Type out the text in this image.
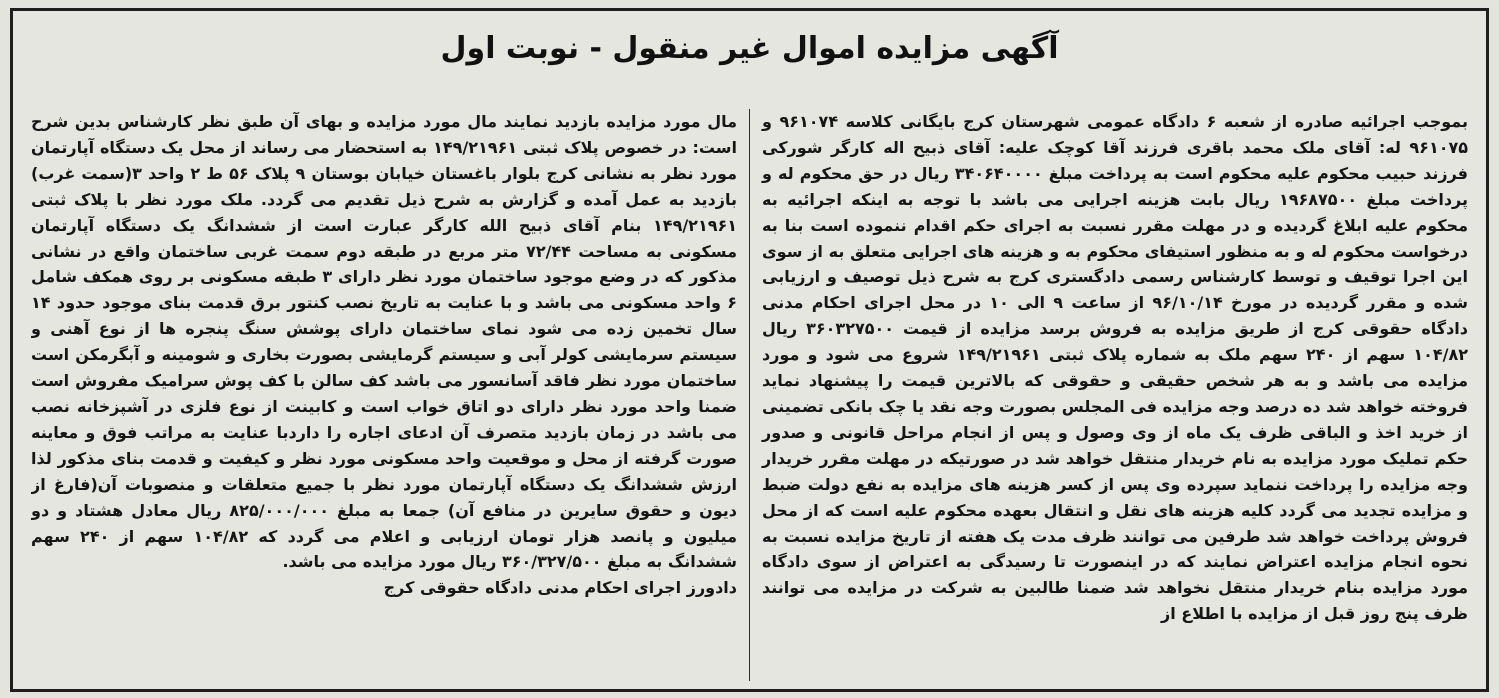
آگهی مزایده اموال غیر منقول - نوبت اول

بموجب اجرائیه صادره از شعبه ۶ دادگاه عمومی شهرستان کرج بایگانی کلاسه ۹۶۱۰۷۴ و ۹۶۱۰۷۵ له: آقای ملک محمد باقری فرزند آقا کوچک علیه: آقای ذبیح اله کارگر شورکی فرزند حبیب محکوم علیه محکوم است به پرداخت مبلغ ۳۴۰۶۴۰۰۰۰ ریال در حق محکوم له و پرداخت مبلغ ۱۹۶۸۷۵۰۰ ریال بابت هزینه اجرایی می باشد با توجه به اینکه اجرائیه به محکوم علیه ابلاغ گردیده و در مهلت مقرر نسبت به اجرای حکم اقدام ننموده است بنا به درخواست محکوم له و به منظور استیفای محکوم به و هزینه های اجرایی متعلق به از سوی این اجرا توقیف و توسط کارشناس رسمی دادگستری کرج به شرح ذیل توصیف و ارزیابی شده و مقرر گردیده در مورخ ۹۶/۱۰/۱۴ از ساعت ۹ الی ۱۰ در محل اجرای احکام مدنی دادگاه حقوقی کرج از طریق مزایده به فروش برسد مزایده از قیمت ۳۶۰۳۲۷۵۰۰ ریال ۱۰۴/۸۲ سهم از ۲۴۰ سهم ملک به شماره پلاک ثبتی ۱۴۹/۲۱۹۶۱ شروع می شود و مورد مزایده می باشد و به هر شخص حقیقی و حقوقی که بالاترین قیمت را پیشنهاد نماید فروخته خواهد شد ده درصد وجه مزایده فی المجلس بصورت وجه نقد یا چک بانکی تضمینی از خرید اخذ و الباقی ظرف یک ماه از وی وصول و پس از انجام مراحل قانونی و صدور حکم تملیک مورد مزایده به نام خریدار منتقل خواهد شد در صورتیکه در مهلت مقرر خریدار وجه مزایده را پرداخت ننماید سپرده وی پس از کسر هزینه های مزایده به نفع دولت ضبط و مزایده تجدید می گردد کلیه هزینه های نقل و انتقال بعهده محکوم علیه است که از محل فروش پرداخت خواهد شد طرفین می توانند ظرف مدت یک هفته از تاریخ مزایده نسبت به نحوه انجام مزایده اعتراض نمایند که در اینصورت تا رسیدگی به اعتراض از سوی دادگاه مورد مزایده بنام خریدار منتقل نخواهد شد ضمنا طالبین به شرکت در مزایده می توانند ظرف پنج روز قبل از مزایده با اطلاع از

مال مورد مزایده بازدید نمایند مال مورد مزایده و بهای آن طبق نظر کارشناس بدین شرح است: در خصوص پلاک ثبتی ۱۴۹/۲۱۹۶۱ به استحضار می رساند از محل یک دستگاه آپارتمان مورد نظر به نشانی کرج بلوار باغستان خیابان بوستان ۹ پلاک ۵۶ ط ۲ واحد ۳(سمت غرب) بازدید به عمل آمده و گزارش به شرح ذیل تقدیم می گردد. ملک مورد نظر با پلاک ثبتی ۱۴۹/۲۱۹۶۱ بنام آقای ذبیح الله کارگر عبارت است از ششدانگ یک دستگاه آپارتمان مسکونی به مساحت ۷۲/۴۴ متر مربع در طبقه دوم سمت غربی ساختمان واقع در نشانی مذکور که در وضع موجود ساختمان مورد نظر دارای ۳ طبقه مسکونی بر روی همکف شامل ۶ واحد مسکونی می باشد و با عنایت به تاریخ نصب کنتور برق قدمت بنای موجود حدود ۱۴ سال تخمین زده می شود نمای ساختمان دارای پوشش سنگ پنجره ها از نوع آهنی و سیستم سرمایشی کولر آبی و سیستم گرمایشی بصورت بخاری و شومینه و آبگرمکن است ساختمان مورد نظر فاقد آسانسور می باشد کف سالن با کف پوش سرامیک مفروش است ضمنا واحد مورد نظر دارای دو اتاق خواب است و کابینت از نوع فلزی در آشپزخانه نصب می باشد در زمان بازدید متصرف آن ادعای اجاره را داردبا عنایت به مراتب فوق و معاینه صورت گرفته از محل و موقعیت واحد مسکونی مورد نظر و کیفیت و قدمت بنای مذکور لذا ارزش ششدانگ یک دستگاه آپارتمان مورد نظر با جمیع متعلقات و منصوبات آن(فارغ از دیون و حقوق سایرین در منافع آن) جمعا به مبلغ ۸۲۵/۰۰۰/۰۰۰ ریال معادل هشتاد و دو میلیون و پانصد هزار تومان ارزیابی و اعلام می گردد که ۱۰۴/۸۲ سهم از ۲۴۰ سهم ششدانگ به مبلغ ۳۶۰/۳۲۷/۵۰۰ ریال مورد مزایده می باشد.

دادورز اجرای احکام مدنی دادگاه حقوقی کرج
